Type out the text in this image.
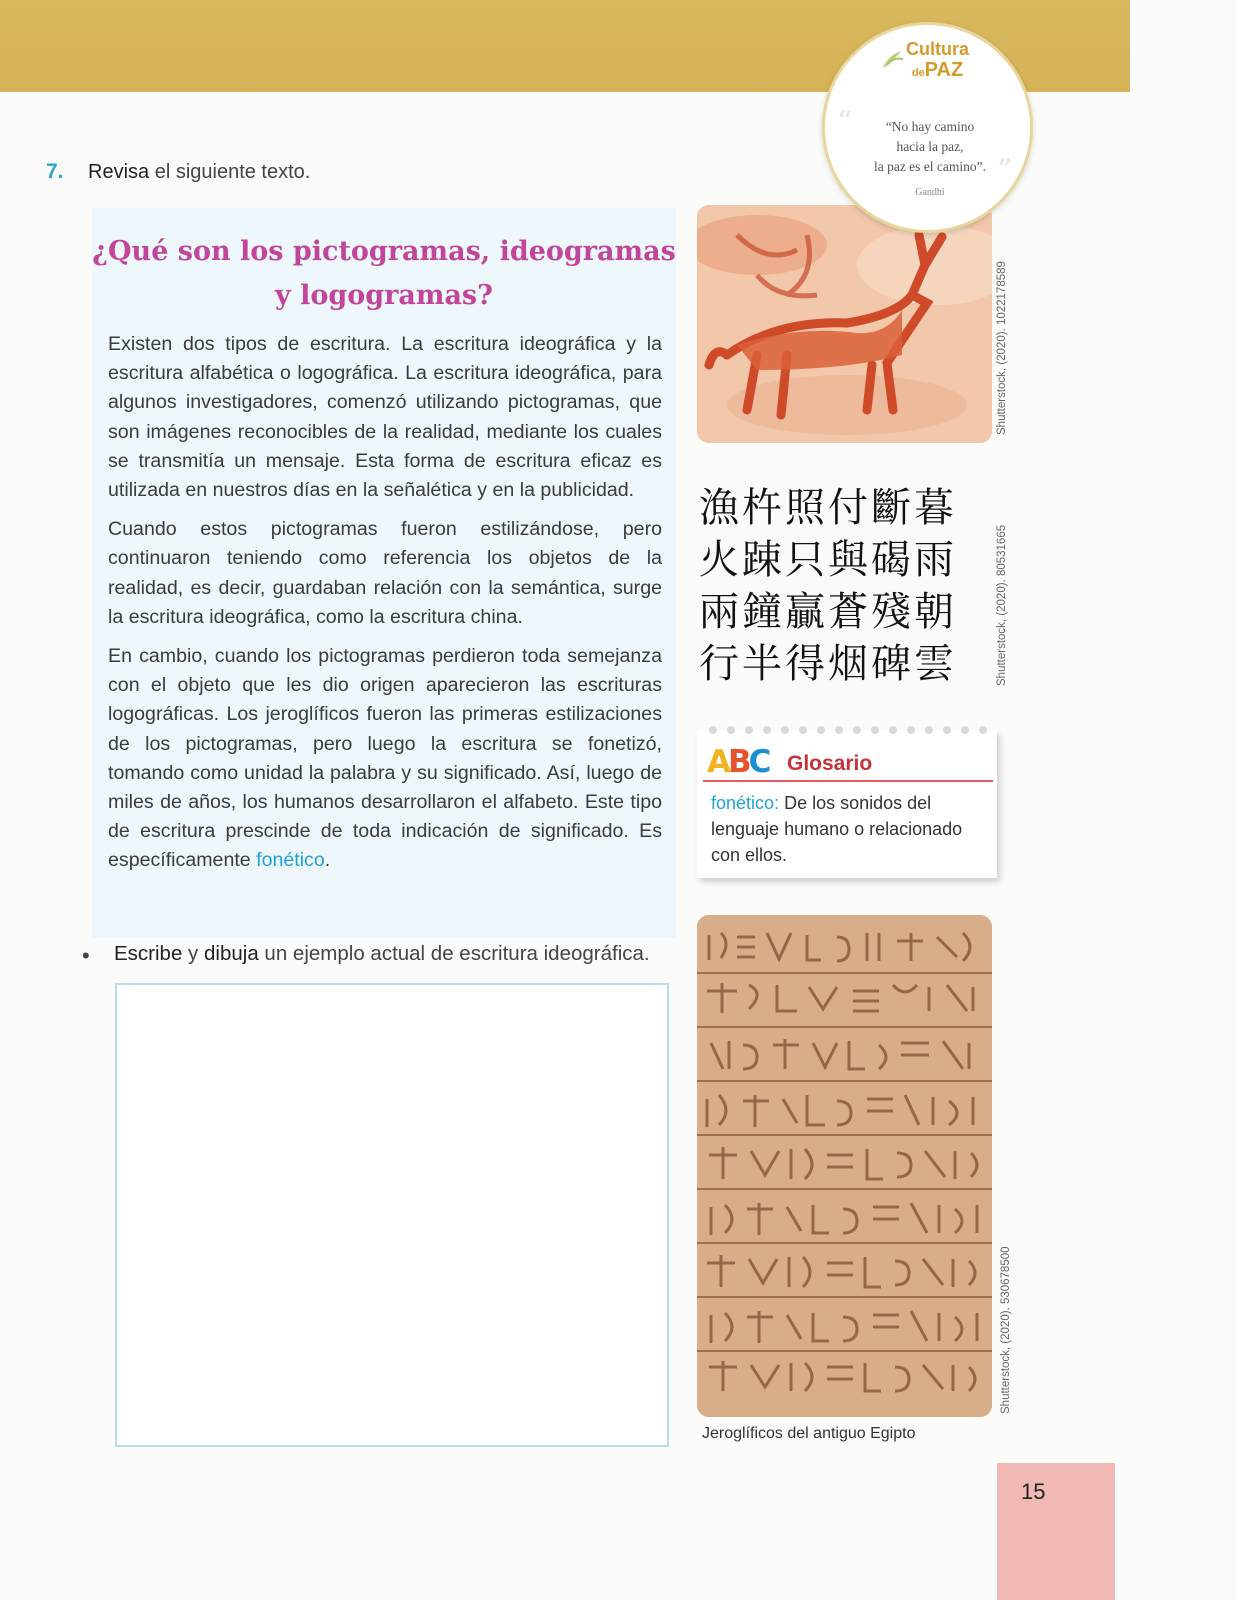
7. Revisa el siguiente texto.
¿Qué son los pictogramas, ideogramas
y logogramas?

Existen dos tipos de escritura. La escritura ideográfica y la escritura alfabética o logográfica. La escritura ideográfica, para algunos investigadores, comenzó utilizando pictogramas, que son imágenes reconocibles de la realidad, mediante los cuales se transmitía un mensaje. Esta forma de escritura eficaz es utilizada en nuestros días en la señalética y en la publicidad.

Cuando estos pictogramas fueron estilizándose, pero continuaron teniendo como referencia los objetos de la realidad, es decir, guardaban relación con la semántica, surge la escritura ideográfica, como la escritura china.

En cambio, cuando los pictogramas perdieron toda semejanza con el objeto que les dio origen aparecieron las escrituras logográficas. Los jeroglíficos fueron las primeras estilizaciones de los pictogramas, pero luego la escritura se fonetizó, tomando como unidad la palabra y su significado. Así, luego de miles de años, los humanos desarrollaron el alfabeto. Este tipo de escritura prescinde de toda indicación de significado. Es específicamente fonético.

• Escribe y dibuja un ejemplo actual de escritura ideográfica.
Shutterstock, (2020). 1022178589
Cultura
dePAZ
“
”
“No hay camino
hacia la paz,
la paz es el camino”.
Gandhi
漁杵照付斷暮
火踈只與碣雨
兩鐘贏蒼殘朝
行半得烟碑雲	Shutterstock, (2020). 80531665
ABC Glosario
fonético: De los sonidos del lenguaje humano o relacionado con ellos.
Shutterstock, (2020). 530678500
Jeroglíficos del antiguo Egipto
15
